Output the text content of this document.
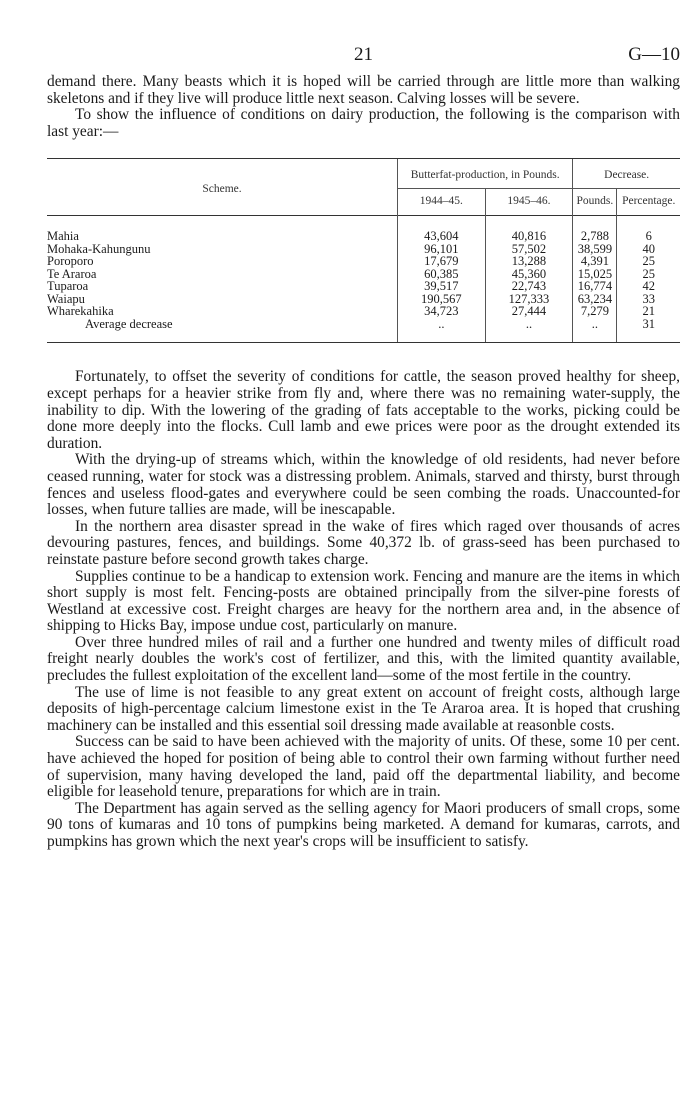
21	G—10

demand there. Many beasts which it is hoped will be carried through are little more than walking skeletons and if they live will produce little next season. Calving losses will be severe.

To show the influence of conditions on dairy production, the following is the comparison with last year:—

Scheme.	Butterfat-production, in Pounds.		Decrease.	
	1944–45.	1945–46.	Pounds.	Percentage.
Mahia	43,604	40,816	2,788	6
Mohaka-Kahungunu	96,101	57,502	38,599	40
Poroporo	17,679	13,288	4,391	25
Te Araroa	60,385	45,360	15,025	25
Tuparoa	39,517	22,743	16,774	42
Waiapu	190,567	127,333	63,234	33
Wharekahika	34,723	27,444	7,279	21
Average decrease	..	..	..	31

Fortunately, to offset the severity of conditions for cattle, the season proved healthy for sheep, except perhaps for a heavier strike from fly and, where there was no remaining water-supply, the inability to dip. With the lowering of the grading of fats acceptable to the works, picking could be done more deeply into the flocks. Cull lamb and ewe prices were poor as the drought extended its duration.

With the drying-up of streams which, within the knowledge of old residents, had never before ceased running, water for stock was a distressing problem. Animals, starved and thirsty, burst through fences and useless flood-gates and everywhere could be seen combing the roads. Unaccounted-for losses, when future tallies are made, will be inescapable.

In the northern area disaster spread in the wake of fires which raged over thousands of acres devouring pastures, fences, and buildings. Some 40,372 lb. of grass-seed has been purchased to reinstate pasture before second growth takes charge.

Supplies continue to be a handicap to extension work. Fencing and manure are the items in which short supply is most felt. Fencing-posts are obtained principally from the silver-pine forests of Westland at excessive cost. Freight charges are heavy for the northern area and, in the absence of shipping to Hicks Bay, impose undue cost, particularly on manure.

Over three hundred miles of rail and a further one hundred and twenty miles of difficult road freight nearly doubles the work's cost of fertilizer, and this, with the limited quantity available, precludes the fullest exploitation of the excellent land—some of the most fertile in the country.

The use of lime is not feasible to any great extent on account of freight costs, although large deposits of high-percentage calcium limestone exist in the Te Araroa area. It is hoped that crushing machinery can be installed and this essential soil dressing made available at reasonble costs.

Success can be said to have been achieved with the majority of units. Of these, some 10 per cent. have achieved the hoped for position of being able to control their own farming without further need of supervision, many having developed the land, paid off the departmental liability, and become eligible for leasehold tenure, preparations for which are in train.

The Department has again served as the selling agency for Maori producers of small crops, some 90 tons of kumaras and 10 tons of pumpkins being marketed. A demand for kumaras, carrots, and pumpkins has grown which the next year's crops will be insufficient to satisfy.
